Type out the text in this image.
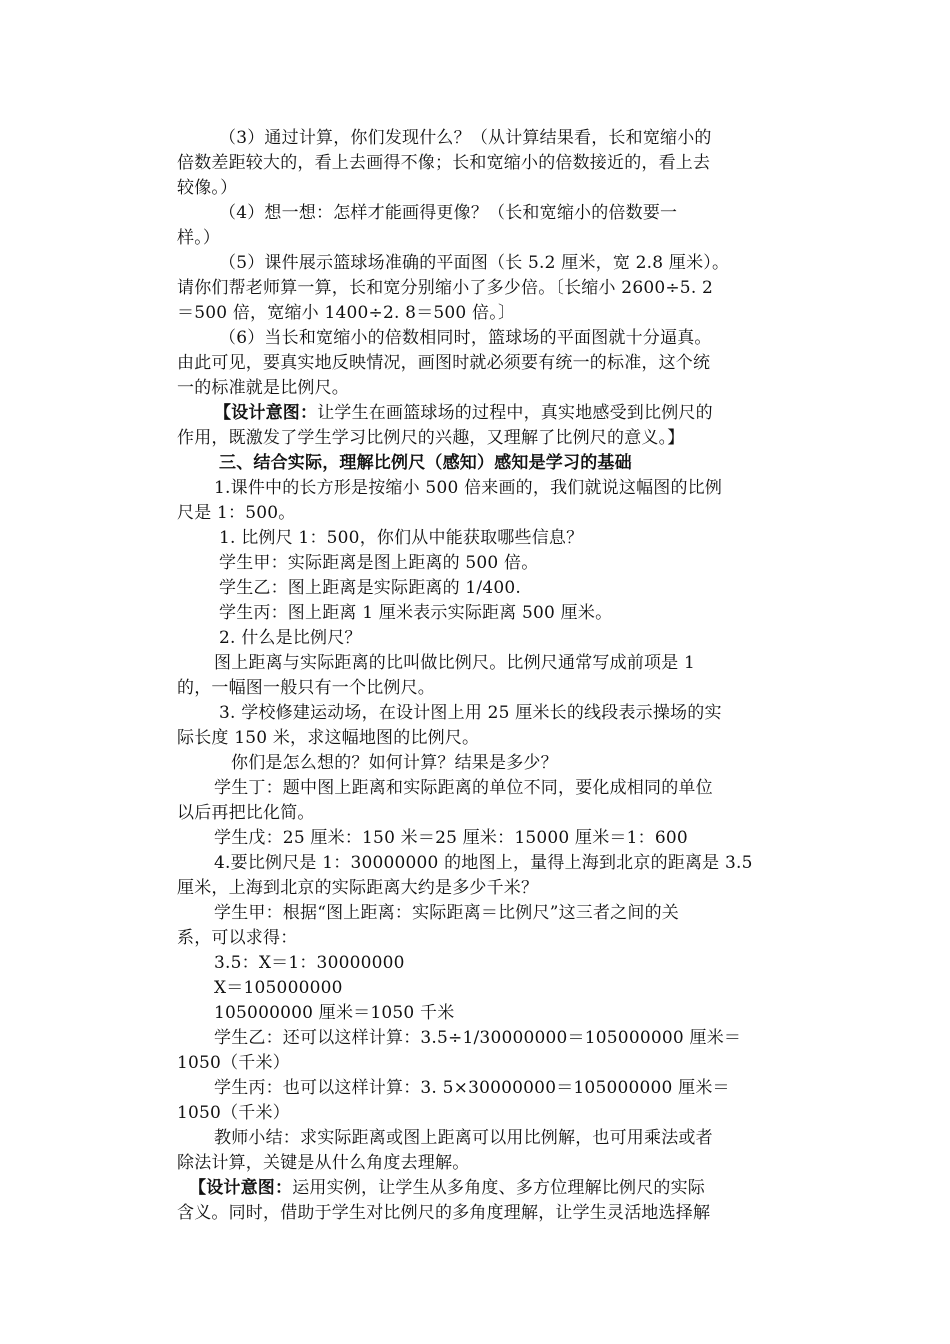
（3）通过计算，你们发现什么？（从计算结果看，长和宽缩小的
倍数差距较大的，看上去画得不像；长和宽缩小的倍数接近的，看上去
较像。）
（4）想一想：怎样才能画得更像？（长和宽缩小的倍数要一
样。）
（5）课件展示篮球场准确的平面图（长 5.2 厘米，宽 2.8 厘米）。
请你们帮老师算一算，长和宽分别缩小了多少倍。〔长缩小 2600÷5. 2
＝500 倍，宽缩小 1400÷2. 8＝500 倍。〕
（6）当长和宽缩小的倍数相同时，篮球场的平面图就十分逼真。
由此可见，要真实地反映情况，画图时就必须要有统一的标准，这个统
一的标准就是比例尺。
【设计意图：让学生在画篮球场的过程中，真实地感受到比例尺的
作用，既激发了学生学习比例尺的兴趣，又理解了比例尺的意义。】
三、结合实际，理解比例尺（感知）感知是学习的基础
1.课件中的长方形是按缩小 500 倍来画的，我们就说这幅图的比例
尺是 1：500。
1. 比例尺 1：500，你们从中能获取哪些信息？
学生甲：实际距离是图上距离的 500 倍。
学生乙：图上距离是实际距离的 1/400.
学生丙：图上距离 1 厘米表示实际距离 500 厘米。
2. 什么是比例尺？
图上距离与实际距离的比叫做比例尺。比例尺通常写成前项是 1
的，一幅图一般只有一个比例尺。
3. 学校修建运动场，在设计图上用 25 厘米长的线段表示操场的实
际长度 150 米，求这幅地图的比例尺。
你们是怎么想的？如何计算？结果是多少？
学生丁：题中图上距离和实际距离的单位不同，要化成相同的单位
以后再把比化简。
学生戊：25 厘米：150 米＝25 厘米：15000 厘米＝1：600
4.要比例尺是 1：30000000 的地图上，量得上海到北京的距离是 3.5
厘米，上海到北京的实际距离大约是多少千米？
学生甲：根据“图上距离：实际距离＝比例尺”这三者之间的关
系，可以求得：
3.5：X＝1：30000000
X＝105000000
105000000 厘米＝1050 千米
学生乙：还可以这样计算：3.5÷1/30000000＝105000000 厘米＝
1050（千米）
学生丙：也可以这样计算：3. 5×30000000＝105000000 厘米＝
1050（千米）
教师小结：求实际距离或图上距离可以用比例解，也可用乘法或者
除法计算，关键是从什么角度去理解。
【设计意图：运用实例，让学生从多角度、多方位理解比例尺的实际
含义。同时，借助于学生对比例尺的多角度理解，让学生灵活地选择解
